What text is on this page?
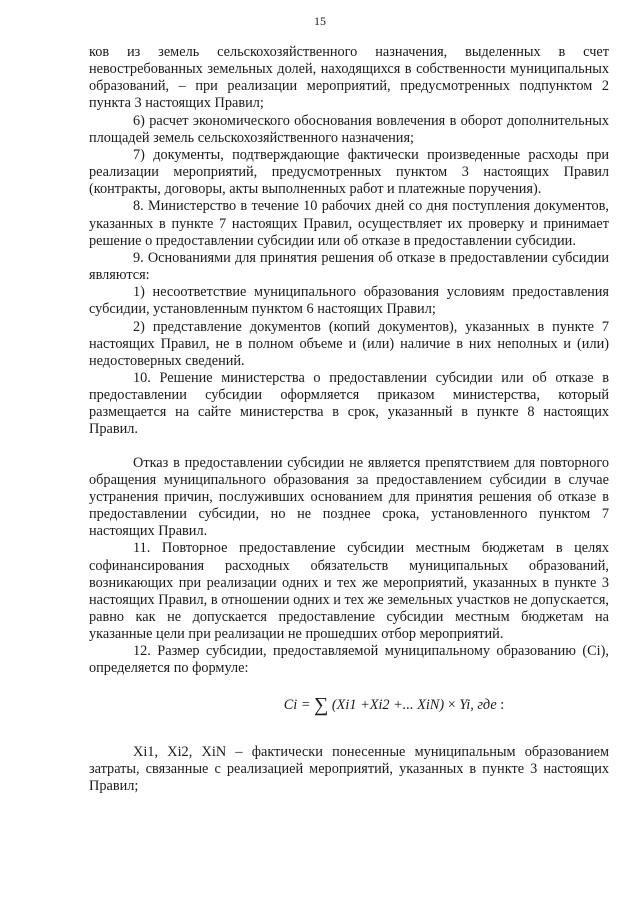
15

ков из земель сельскохозяйственного назначения, выделенных в счет невостребованных земельных долей, находящихся в собственности муниципальных образований, – при реализации мероприятий, предусмотренных подпунктом 2 пункта 3 настоящих Правил;

6) расчет экономического обоснования вовлечения в оборот дополнительных площадей земель сельскохозяйственного назначения;

7) документы, подтверждающие фактически произведенные расходы при реализации мероприятий, предусмотренных пунктом 3 настоящих Правил (контракты, договоры, акты выполненных работ и платежные поручения).

8. Министерство в течение 10 рабочих дней со дня поступления документов, указанных в пункте 7 настоящих Правил, осуществляет их проверку и принимает решение о предоставлении субсидии или об отказе в предоставлении субсидии.

9. Основаниями для принятия решения об отказе в предоставлении субсидии являются:

1) несоответствие муниципального образования условиям предоставления субсидии, установленным пунктом 6 настоящих Правил;

2) представление документов (копий документов), указанных в пункте 7 настоящих Правил, не в полном объеме и (или) наличие в них неполных и (или) недостоверных сведений.

10. Решение министерства о предоставлении субсидии или об отказе в предоставлении субсидии оформляется приказом министерства, который размещается на сайте министерства в срок, указанный в пункте 8 настоящих Правил.

Отказ в предоставлении субсидии не является препятствием для повторного обращения муниципального образования за предоставлением субсидии в случае устранения причин, послуживших основанием для принятия решения об отказе в предоставлении субсидии, но не позднее срока, установленного пунктом 7 настоящих Правил.

11. Повторное предоставление субсидии местным бюджетам в целях софинансирования расходных обязательств муниципальных образований, возникающих при реализации одних и тех же мероприятий, указанных в пункте 3 настоящих Правил, в отношении одних и тех же земельных участков не допускается, равно как не допускается предоставление субсидии местным бюджетам на указанные цели при реализации не прошедших отбор мероприятий.

12. Размер субсидии, предоставляемой муниципальному образованию (Ci), определяется по формуле:

Ci = ∑ (Xi1 +Xi2 +... XiN) × Yi, где :

Xi1, Xi2, XiN – фактически понесенные муниципальным образованием затраты, связанные с реализацией мероприятий, указанных в пункте 3 настоящих Правил;
